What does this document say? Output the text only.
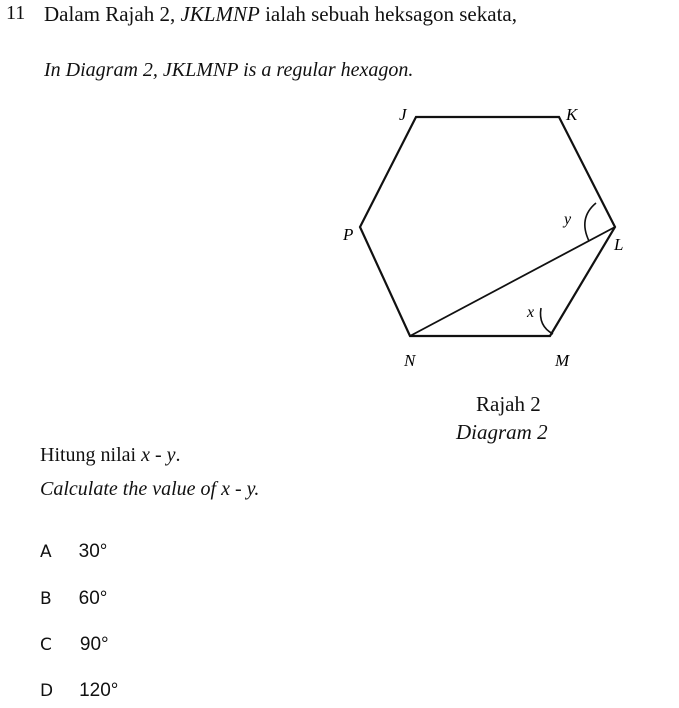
11 Dalam Rajah 2, JKLMNP ialah sebuah heksagon sekata,
In Diagram 2, JKLMNP is a regular hexagon.
J	K
P
L
N	M
y
x
Rajah 2
Diagram 2
Hitung nilai x - y.
Calculate the value of x - y.
A 30°
B 60°
C 90°
D 120°
